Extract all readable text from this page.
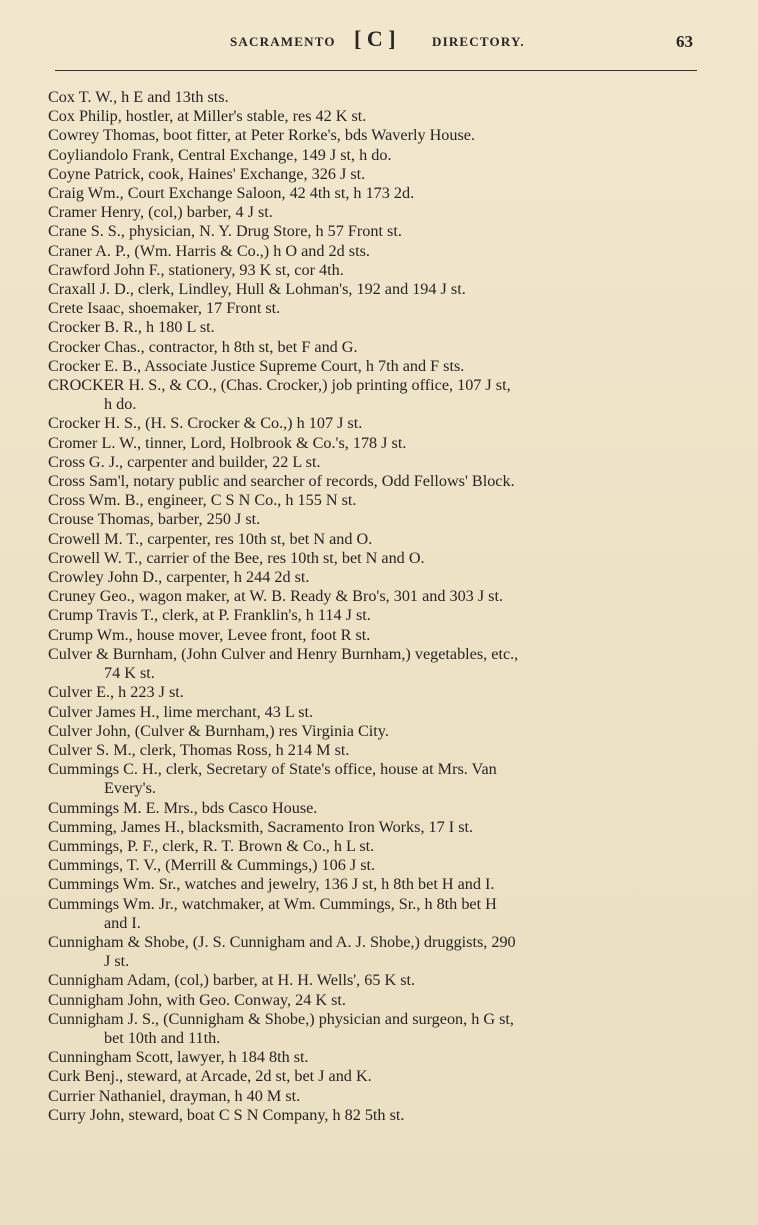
SACRAMENTO [ C ]	DIRECTORY.	63
Cox T. W., h E and 13th sts.
Cox Philip, hostler, at Miller's stable, res 42 K st.
Cowrey Thomas, boot fitter, at Peter Rorke's, bds Waverly House.
Coyliandolo Frank, Central Exchange, 149 J st, h do.
Coyne Patrick, cook, Haines' Exchange, 326 J st.
Craig Wm., Court Exchange Saloon, 42 4th st, h 173 2d.
Cramer Henry, (col,) barber, 4 J st.
Crane S. S., physician, N. Y. Drug Store, h 57 Front st.
Craner A. P., (Wm. Harris & Co.,) h O and 2d sts.
Crawford John F., stationery, 93 K st, cor 4th.
Craxall J. D., clerk, Lindley, Hull & Lohman's, 192 and 194 J st.
Crete Isaac, shoemaker, 17 Front st.
Crocker B. R., h 180 L st.
Crocker Chas., contractor, h 8th st, bet F and G.
Crocker E. B., Associate Justice Supreme Court, h 7th and F sts.
CROCKER H. S., & CO., (Chas. Crocker,) job printing office, 107 J st,
h do.
Crocker H. S., (H. S. Crocker & Co.,) h 107 J st.
Cromer L. W., tinner, Lord, Holbrook & Co.'s, 178 J st.
Cross G. J., carpenter and builder, 22 L st.
Cross Sam'l, notary public and searcher of records, Odd Fellows' Block.
Cross Wm. B., engineer, C S N Co., h 155 N st.
Crouse Thomas, barber, 250 J st.
Crowell M. T., carpenter, res 10th st, bet N and O.
Crowell W. T., carrier of the Bee, res 10th st, bet N and O.
Crowley John D., carpenter, h 244 2d st.
Cruney Geo., wagon maker, at W. B. Ready & Bro's, 301 and 303 J st.
Crump Travis T., clerk, at P. Franklin's, h 114 J st.
Crump Wm., house mover, Levee front, foot R st.
Culver & Burnham, (John Culver and Henry Burnham,) vegetables, etc.,
74 K st.
Culver E., h 223 J st.
Culver James H., lime merchant, 43 L st.
Culver John, (Culver & Burnham,) res Virginia City.
Culver S. M., clerk, Thomas Ross, h 214 M st.
Cummings C. H., clerk, Secretary of State's office, house at Mrs. Van
Every's.
Cummings M. E. Mrs., bds Casco House.
Cumming, James H., blacksmith, Sacramento Iron Works, 17 I st.
Cummings, P. F., clerk, R. T. Brown & Co., h L st.
Cummings, T. V., (Merrill & Cummings,) 106 J st.
Cummings Wm. Sr., watches and jewelry, 136 J st, h 8th bet H and I.
Cummings Wm. Jr., watchmaker, at Wm. Cummings, Sr., h 8th bet H
and I.
Cunnigham & Shobe, (J. S. Cunnigham and A. J. Shobe,) druggists, 290
J st.
Cunnigham Adam, (col,) barber, at H. H. Wells', 65 K st.
Cunnigham John, with Geo. Conway, 24 K st.
Cunnigham J. S., (Cunnigham & Shobe,) physician and surgeon, h G st,
bet 10th and 11th.
Cunningham Scott, lawyer, h 184 8th st.
Curk Benj., steward, at Arcade, 2d st, bet J and K.
Currier Nathaniel, drayman, h 40 M st.
Curry John, steward, boat C S N Company, h 82 5th st.
